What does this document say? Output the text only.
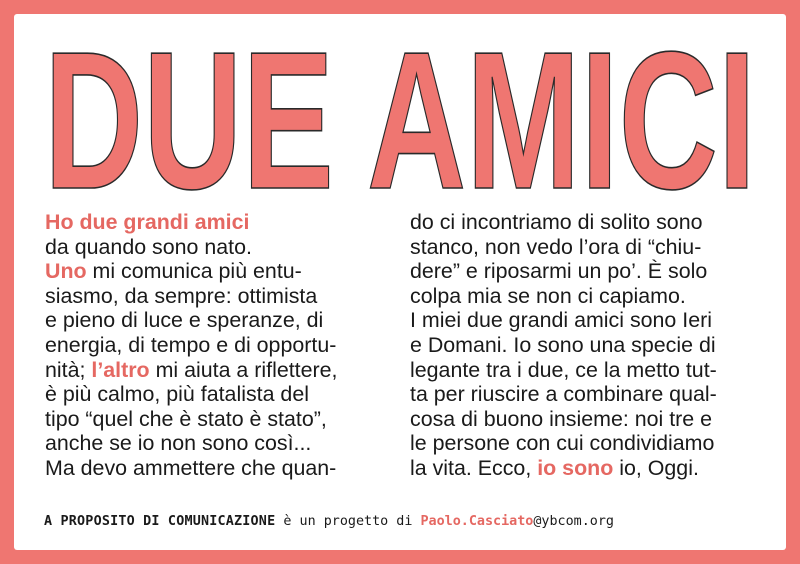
DUE AMICI
Ho due grandi amici
da quando sono nato.
Uno mi comunica più entu-
siasmo, da sempre: ottimista
e pieno di luce e speranze, di
energia, di tempo e di opportu-
nità; l’altro mi aiuta a riflettere,
è più calmo, più fatalista del
tipo “quel che è stato è stato”,
anche se io non sono così...
Ma devo ammettere che quan-
do ci incontriamo di solito sono
stanco, non vedo l’ora di “chiu-
dere” e riposarmi un po’. È solo
colpa mia se non ci capiamo.
I miei due grandi amici sono Ieri
e Domani. Io sono una specie di
legante tra i due, ce la metto tut-
ta per riuscire a combinare qual-
cosa di buono insieme: noi tre e
le persone con cui condividiamo
la vita. Ecco, io sono io, Oggi.
A PROPOSITO DI COMUNICAZIONE è un progetto di Paolo.Casciato@ybcom.org
